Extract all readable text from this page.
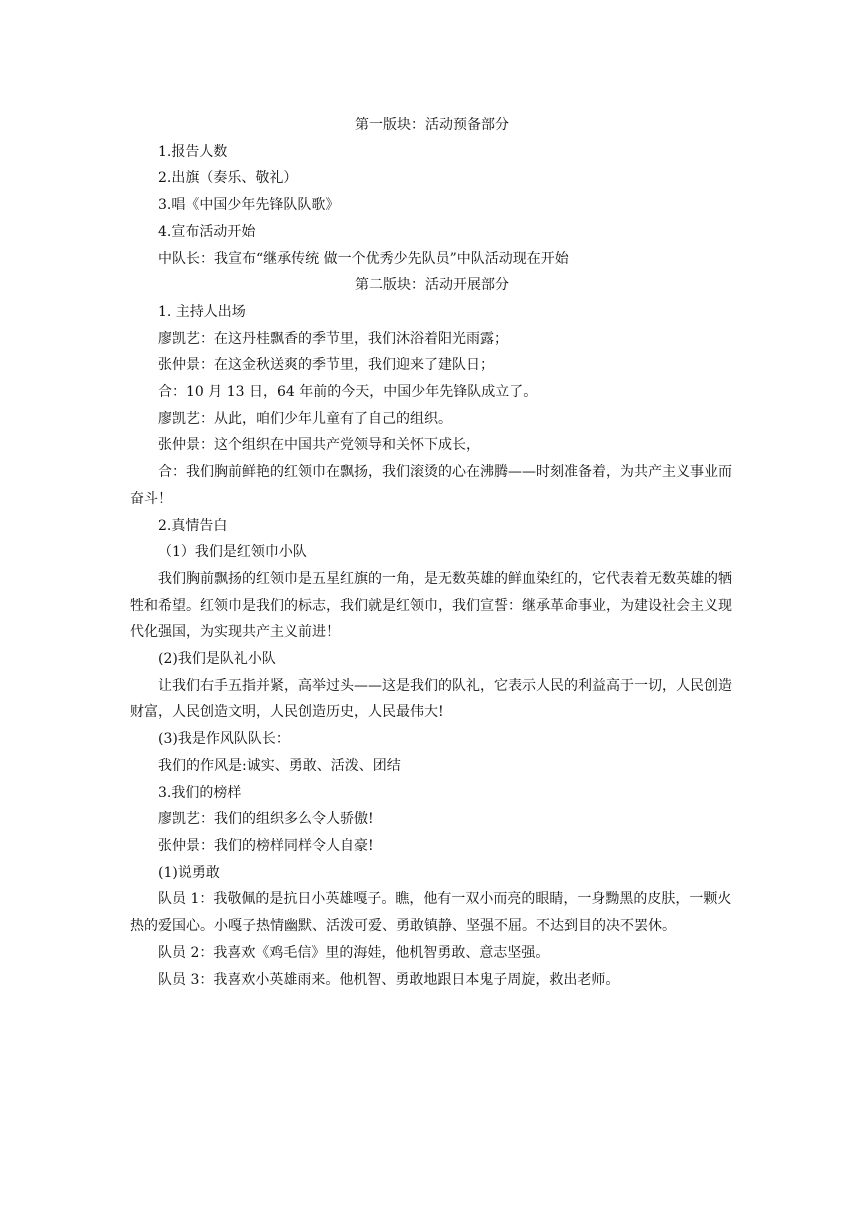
第一版块：活动预备部分
1.报告人数
2.出旗（奏乐、敬礼）
3.唱《中国少年先锋队队歌》
4.宣布活动开始
中队长：我宣布“继承传统 做一个优秀少先队员”中队活动现在开始
第二版块：活动开展部分
1. 主持人出场
廖凯艺：在这丹桂飘香的季节里，我们沐浴着阳光雨露；
张仲景：在这金秋送爽的季节里，我们迎来了建队日；
合：10 月 13 日，64 年前的今天，中国少年先锋队成立了。
廖凯艺：从此，咱们少年儿童有了自己的组织。
张仲景：这个组织在中国共产党领导和关怀下成长，
合：我们胸前鲜艳的红领巾在飘扬，我们滚烫的心在沸腾——时刻准备着，为共产主义事业而奋斗！
2.真情告白
（1）我们是红领巾小队
我们胸前飘扬的红领巾是五星红旗的一角，是无数英雄的鲜血染红的，它代表着无数英雄的牺牲和希望。红领巾是我们的标志，我们就是红领巾，我们宣誓：继承革命事业，为建设社会主义现代化强国，为实现共产主义前进！
(2)我们是队礼小队
让我们右手五指并紧，高举过头——这是我们的队礼，它表示人民的利益高于一切，人民创造财富，人民创造文明，人民创造历史，人民最伟大!
(3)我是作风队队长：
我们的作风是:诚实、勇敢、活泼、团结
3.我们的榜样
廖凯艺：我们的组织多么令人骄傲!
张仲景：我们的榜样同样令人自豪!
(1)说勇敢
队员 1：我敬佩的是抗日小英雄嘎子。瞧，他有一双小而亮的眼睛，一身黝黑的皮肤，一颗火热的爱国心。小嘎子热情幽默、活泼可爱、勇敢镇静、坚强不屈。不达到目的决不罢休。
队员 2：我喜欢《鸡毛信》里的海娃，他机智勇敢、意志坚强。
队员 3：我喜欢小英雄雨来。他机智、勇敢地跟日本鬼子周旋，救出老师。
